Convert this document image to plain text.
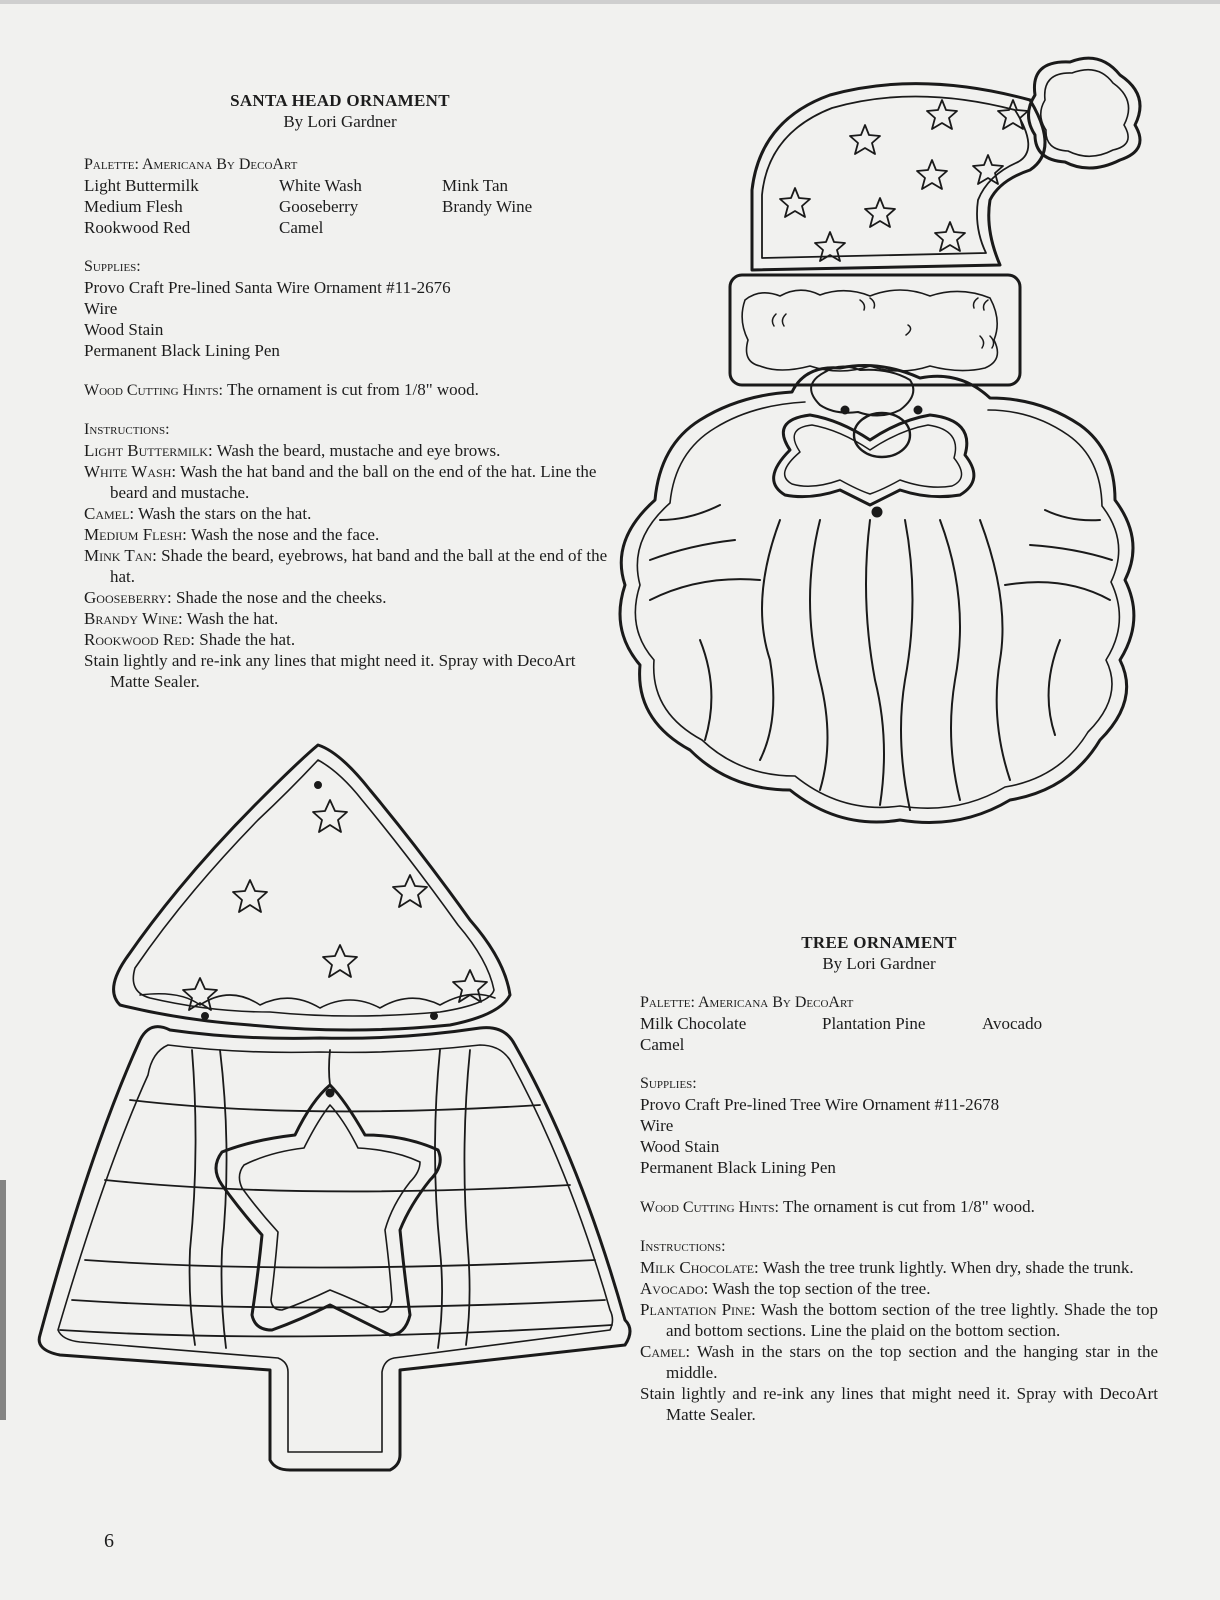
SANTA HEAD ORNAMENT
By Lori Gardner
Palette: Americana By DecoArt
Light Buttermilk	White Wash	Mink Tan
Medium Flesh	Gooseberry	Brandy Wine
Rookwood Red	Camel
Supplies:
Provo Craft Pre-lined Santa Wire Ornament #11-2676
Wire
Wood Stain
Permanent Black Lining Pen
Wood Cutting Hints: The ornament is cut from 1/8" wood.
Instructions:

Light Buttermilk: Wash the beard, mustache and eye brows.

White Wash: Wash the hat band and the ball on the end of the hat. Line the beard and mustache.

Camel: Wash the stars on the hat.

Medium Flesh: Wash the nose and the face.

Mink Tan: Shade the beard, eyebrows, hat band and the ball at the end of the hat.

Gooseberry: Shade the nose and the cheeks.

Brandy Wine: Wash the hat.

Rookwood Red: Shade the hat.

Stain lightly and re-ink any lines that might need it. Spray with DecoArt Matte Sealer.

TREE ORNAMENT
By Lori Gardner
Palette: Americana By DecoArt
Milk Chocolate	Plantation Pine	Avocado
Camel
Supplies:
Provo Craft Pre-lined Tree Wire Ornament #11-2678
Wire
Wood Stain
Permanent Black Lining Pen
Wood Cutting Hints: The ornament is cut from 1/8" wood.
Instructions:

Milk Chocolate: Wash the tree trunk lightly. When dry, shade the trunk.

Avocado: Wash the top section of the tree.

Plantation Pine: Wash the bottom section of the tree lightly. Shade the top and bottom sections. Line the plaid on the bottom section.

Camel: Wash in the stars on the top section and the hanging star in the middle.

Stain lightly and re-ink any lines that might need it. Spray with DecoArt Matte Sealer.

6
